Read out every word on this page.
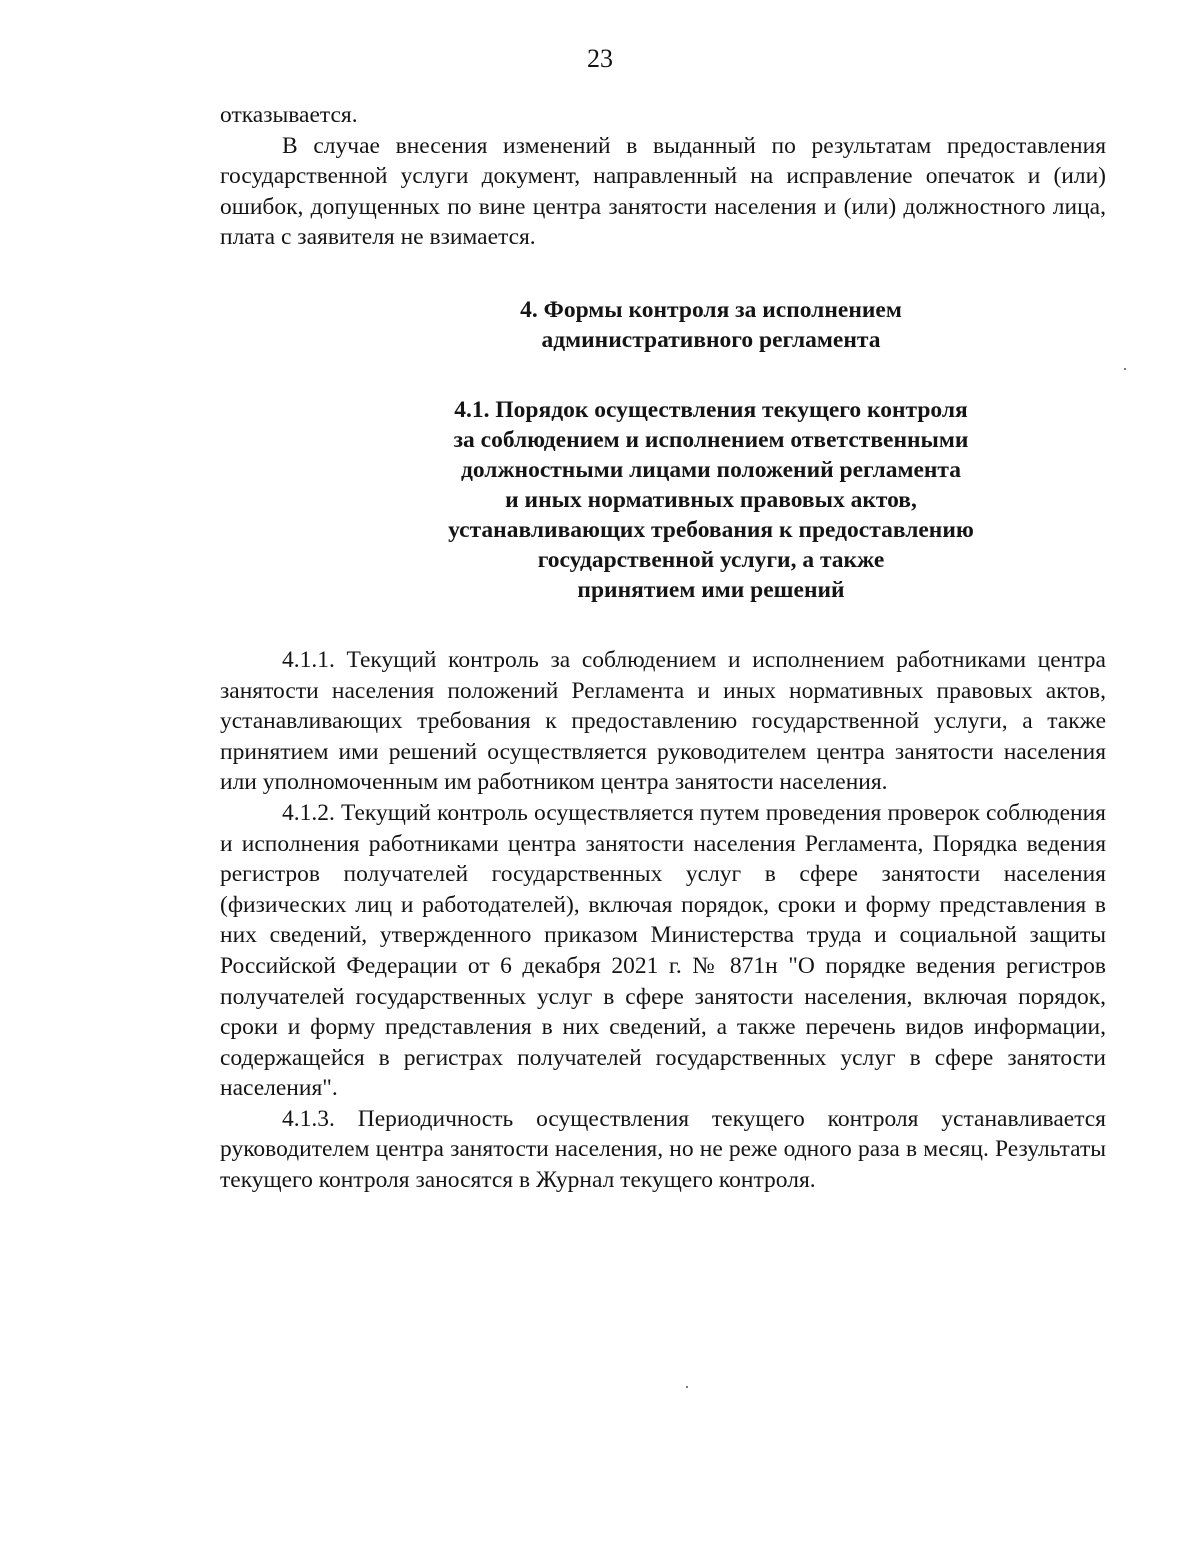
23

отказывается.

В случае внесения изменений в выданный по результатам предоставления государственной услуги документ, направленный на исправление опечаток и (или) ошибок, допущенных по вине центра занятости населения и (или) должностного лица, плата с заявителя не взимается.

4. Формы контроля за исполнением
административного регламента
4.1. Порядок осуществления текущего контроля
за соблюдением и исполнением ответственными
должностными лицами положений регламента
и иных нормативных правовых актов,
устанавливающих требования к предоставлению
государственной услуги, а также
принятием ими решений

4.1.1. Текущий контроль за соблюдением и исполнением работниками центра занятости населения положений Регламента и иных нормативных правовых актов, устанавливающих требования к предоставлению государственной услуги, а также принятием ими решений осуществляется руководителем центра занятости населения или уполномоченным им работником центра занятости населения.

4.1.2. Текущий контроль осуществляется путем проведения проверок соблюдения и исполнения работниками центра занятости населения Регламента, Порядка ведения регистров получателей государственных услуг в сфере занятости населения (физических лиц и работодателей), включая порядок, сроки и форму представления в них сведений, утвержденного приказом Министерства труда и социальной защиты Российской Федерации от 6 декабря 2021 г. № 871н "О порядке ведения регистров получателей государственных услуг в сфере занятости населения, включая порядок, сроки и форму представления в них сведений, а также перечень видов информации, содержащейся в регистрах получателей государственных услуг в сфере занятости населения".

4.1.3. Периодичность осуществления текущего контроля устанавливается руководителем центра занятости населения, но не реже одного раза в месяц. Результаты текущего контроля заносятся в Журнал текущего контроля.
